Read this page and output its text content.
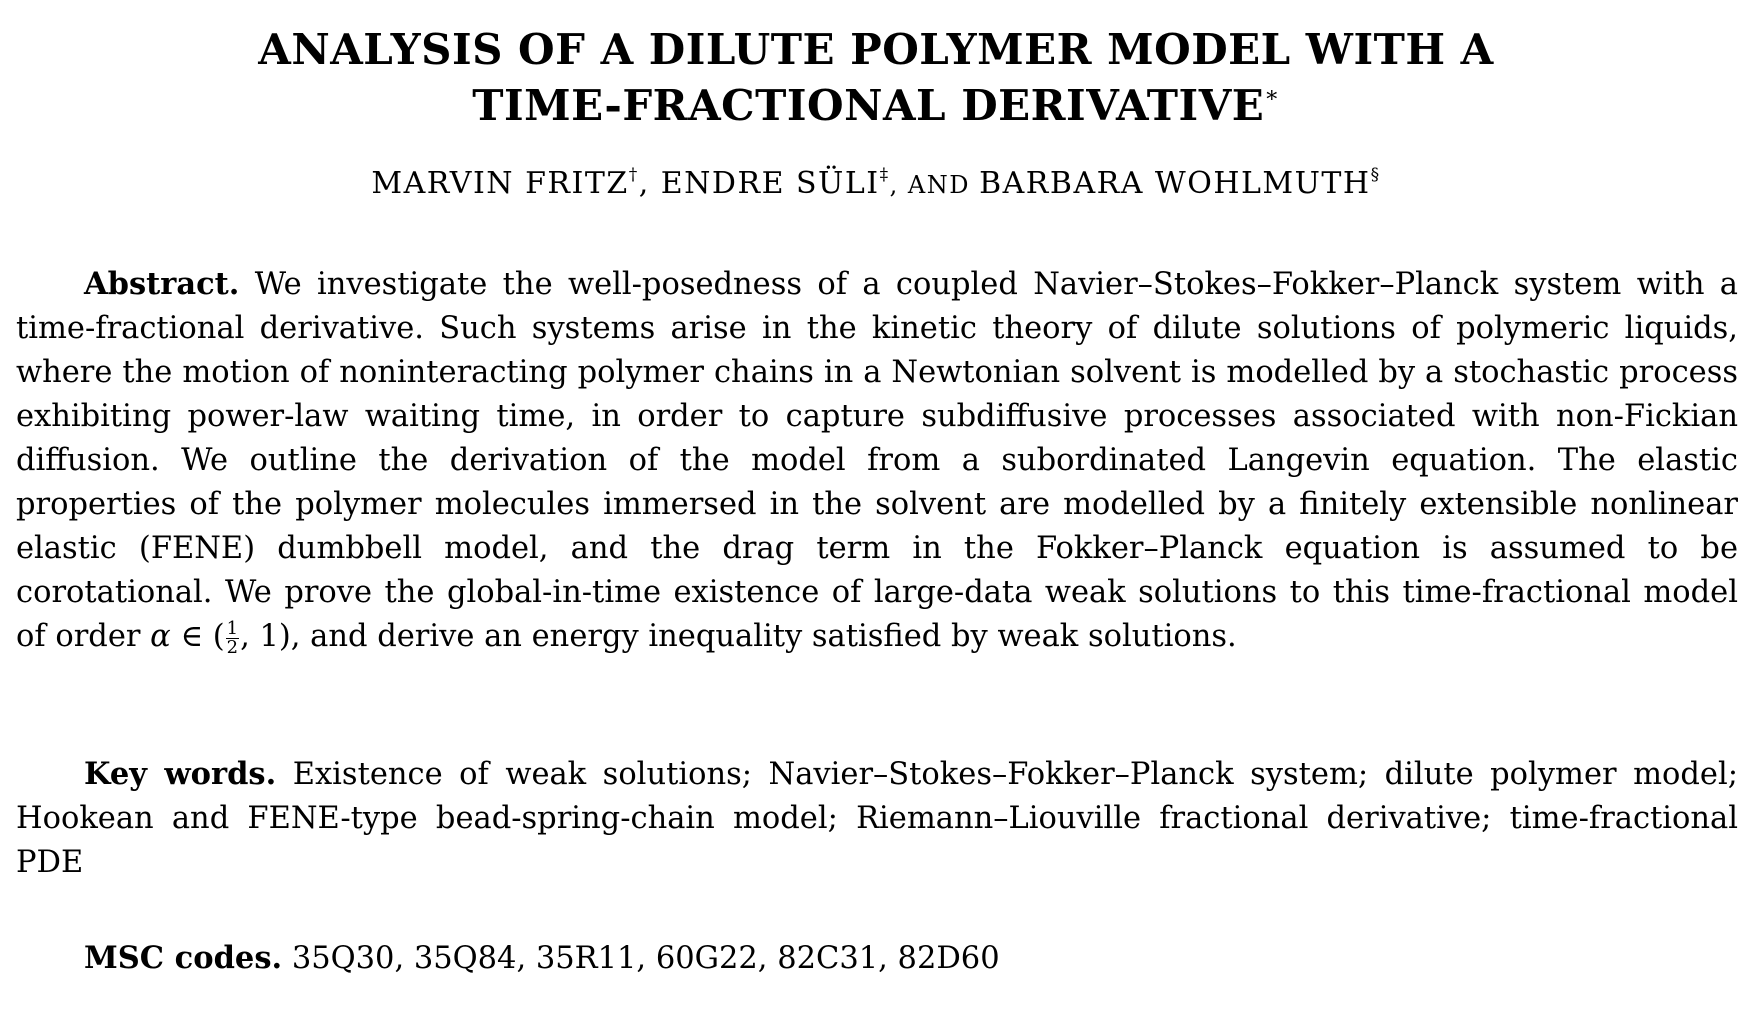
ANALYSIS OF A DILUTE POLYMER MODEL WITH A
TIME-FRACTIONAL DERIVATIVE∗
MARVIN FRITZ†, ENDRE SÜLI‡, AND BARBARA WOHLMUTH§
Abstract. We investigate the well-posedness of a coupled Navier–Stokes–Fokker–Planck system with a time-fractional derivative. Such systems arise in the kinetic theory of dilute solutions of polymeric liquids, where the motion of noninteracting polymer chains in a Newtonian solvent is modelled by a stochastic process exhibiting power-law waiting time, in order to capture subdiffusive processes associated with non-Fickian diffusion. We outline the derivation of the model from a subordinated Langevin equation. The elastic properties of the polymer molecules immersed in the solvent are modelled by a finitely extensible nonlinear elastic (FENE) dumbbell model, and the drag term in the Fokker–Planck equation is assumed to be corotational. We prove the global-in-time existence of large-data weak solutions to this time-fractional model of order α ∈ ( $\frac{1}{2}$ , 1), and derive an energy inequality satisfied by weak solutions.
Key words. Existence of weak solutions; Navier–Stokes–Fokker–Planck system; dilute polymer model; Hookean and FENE-type bead-spring-chain model; Riemann–Liouville fractional derivative; time-fractional PDE
MSC codes. 35Q30, 35Q84, 35R11, 60G22, 82C31, 82D60
